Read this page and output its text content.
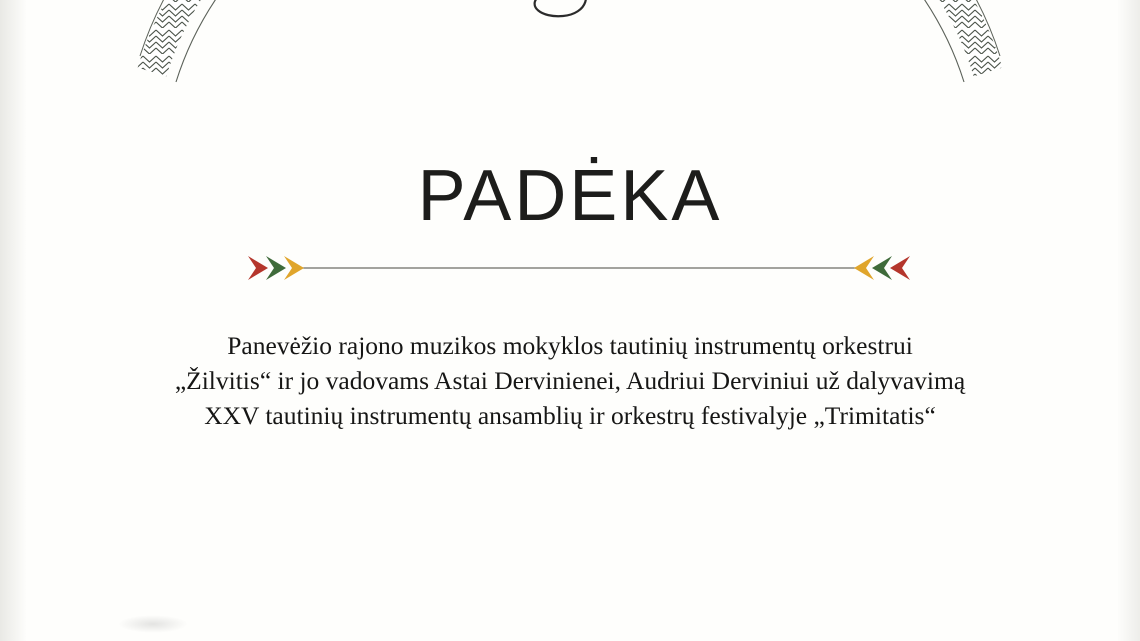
PADĖKA
Panevėžio rajono muzikos mokyklos tautinių instrumentų orkestrui
„Žilvitis“ ir jo vadovams Astai Dervinienei, Audriui Derviniui už dalyvavimą
XXV tautinių instrumentų ansamblių ir orkestrų festivalyje „Trimitatis“
